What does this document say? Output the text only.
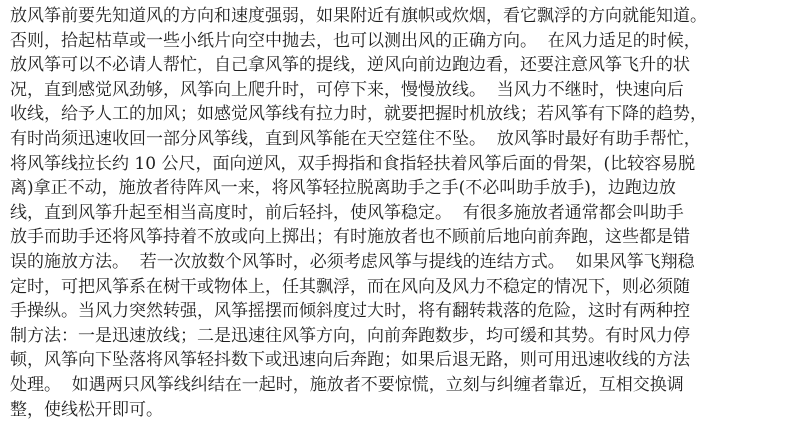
放风筝前要先知道风的方向和速度强弱，如果附近有旗帜或炊烟，看它飘浮的方向就能知道。
否则，拾起枯草或一些小纸片向空中抛去，也可以测出风的正确方向。  在风力适足的时候，
放风筝可以不必请人帮忙，自己拿风筝的提线，逆风向前边跑边看，还要注意风筝飞升的状
况，直到感觉风劲够，风筝向上爬升时，可停下来，慢慢放线。  当风力不继时，快速向后
收线，给予人工的加风；如感觉风筝线有拉力时，就要把握时机放线；若风筝有下降的趋势，
有时尚须迅速收回一部分风筝线，直到风筝能在天空筳住不坠。  放风筝时最好有助手帮忙，
将风筝线拉长约 10 公尺，面向逆风，双手拇指和食指轻扶着风筝后面的骨架，(比较容易脱
离)拿正不动，施放者待阵风一来，将风筝轻拉脱离助手之手(不必叫助手放手)，边跑边放
线，直到风筝升起至相当高度时，前后轻抖，使风筝稳定。  有很多施放者通常都会叫助手
放手而助手还将风筝持着不放或向上掷出；有时施放者也不顾前后地向前奔跑，这些都是错
误的施放方法。  若一次放数个风筝时，必须考虑风筝与提线的连结方式。  如果风筝飞翔稳
定时，可把风筝系在树干或物体上，任其飘浮，而在风向及风力不稳定的情况下，则必须随
手操纵。当风力突然转强，风筝摇摆而倾斜度过大时，将有翻转栽落的危险，这时有两种控
制方法：一是迅速放线；二是迅速往风筝方向，向前奔跑数步，均可缓和其势。有时风力停
顿，风筝向下坠落将风筝轻抖数下或迅速向后奔跑；如果后退无路，则可用迅速收线的方法
处理。  如遇两只风筝线纠结在一起时，施放者不要惊慌，立刻与纠缠者靠近，互相交换调
整，使线松开即可。
